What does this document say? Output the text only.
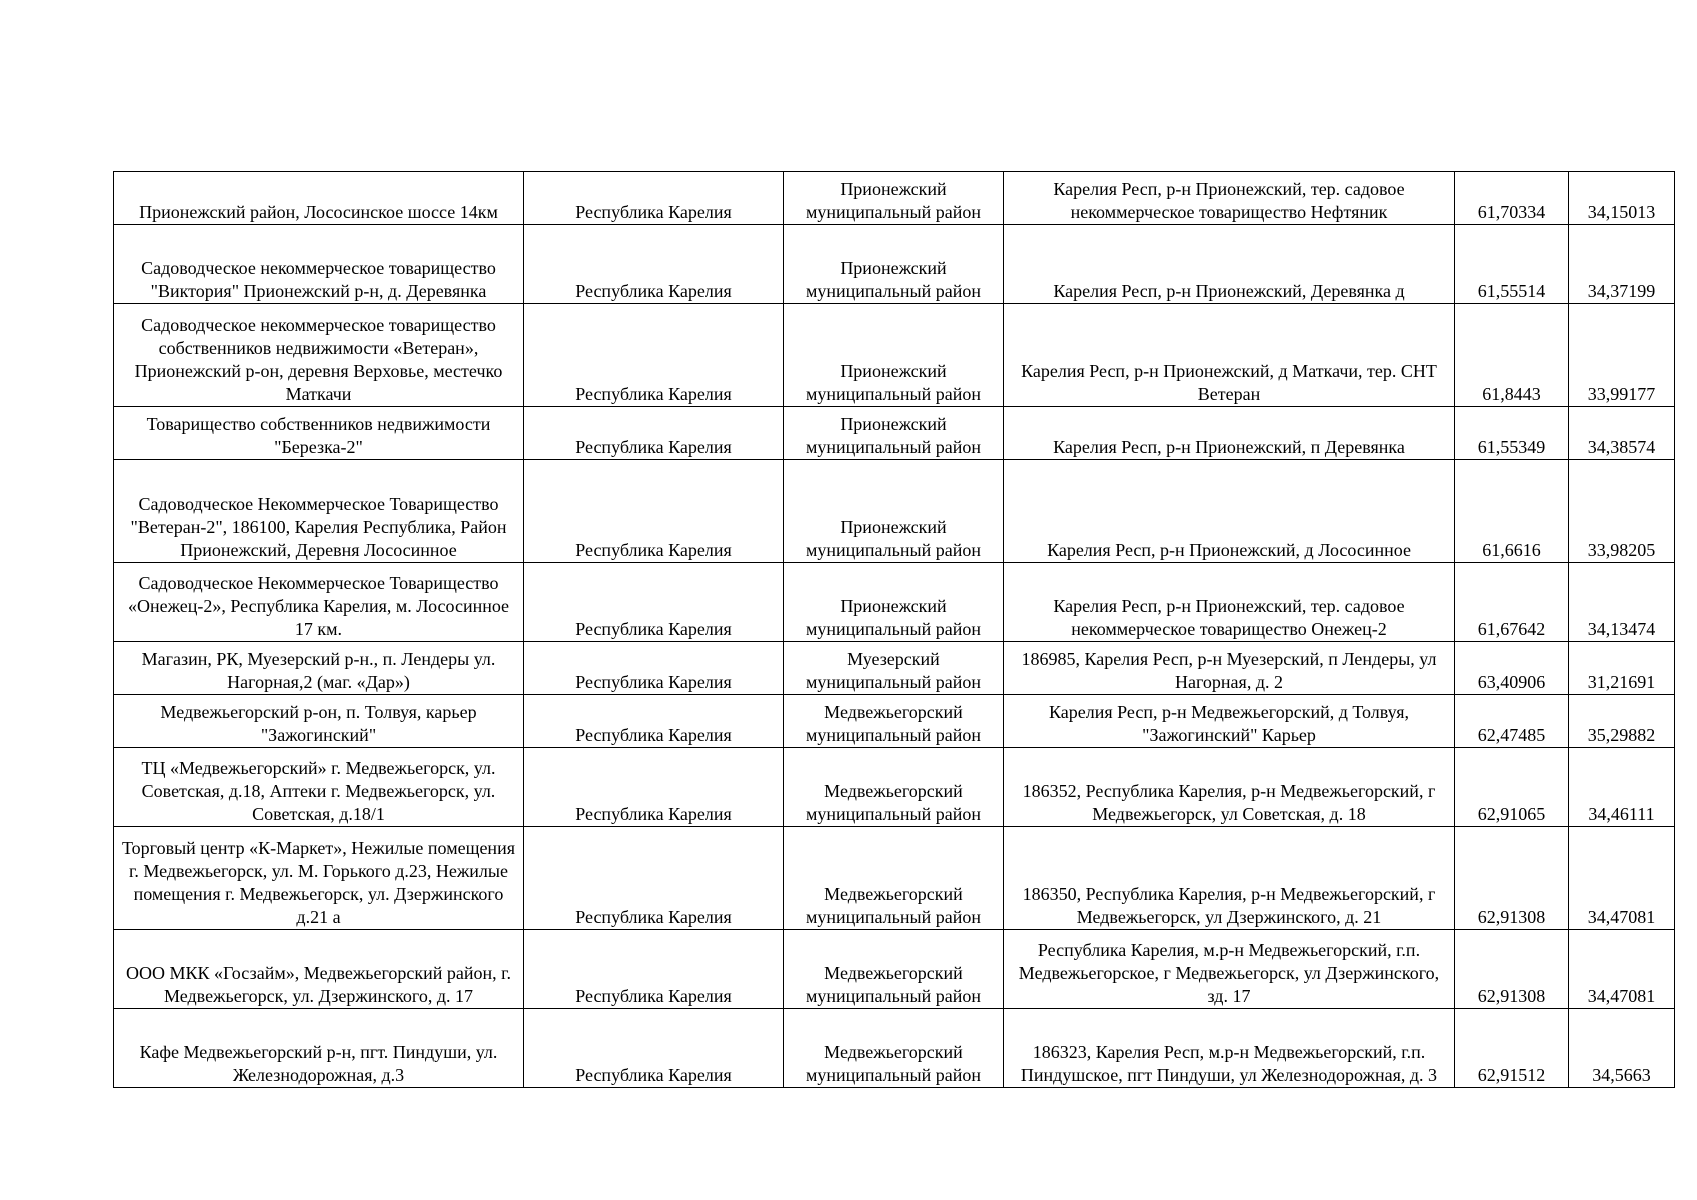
Прионежский район, Лососинское шоссе 14км	Республика Карелия	Прионежский муниципальный район	Карелия Респ, р-н Прионежский, тер. садовое некоммерческое товарищество Нефтяник	61,70334	34,15013
Садоводческое некоммерческое товарищество "Виктория" Прионежский р-н, д. Деревянка	Республика Карелия	Прионежский муниципальный район	Карелия Респ, р-н Прионежский, Деревянка д	61,55514	34,37199
Садоводческое некоммерческое товарищество собственников недвижимости «Ветеран», Прионежский р-он, деревня Верховье, местечко Маткачи	Республика Карелия	Прионежский муниципальный район	Карелия Респ, р-н Прионежский, д Маткачи, тер. СНТ Ветеран	61,8443	33,99177
Товарищество собственников недвижимости "Березка-2"	Республика Карелия	Прионежский муниципальный район	Карелия Респ, р-н Прионежский, п Деревянка	61,55349	34,38574
Садоводческое Некоммерческое Товарищество "Ветеран-2", 186100, Карелия Республика, Район Прионежский, Деревня Лососинное	Республика Карелия	Прионежский муниципальный район	Карелия Респ, р-н Прионежский, д Лососинное	61,6616	33,98205
Садоводческое Некоммерческое Товарищество «Онежец-2», Республика Карелия, м. Лососинное 17 км.	Республика Карелия	Прионежский муниципальный район	Карелия Респ, р-н Прионежский, тер. садовое некоммерческое товарищество Онежец-2	61,67642	34,13474
Магазин, РК, Муезерский р-н., п. Лендеры ул. Нагорная,2 (маг. «Дар»)	Республика Карелия	Муезерский муниципальный район	186985, Карелия Респ, р-н Муезерский, п Лендеры, ул Нагорная, д. 2	63,40906	31,21691
Медвежьегорский р-он, п. Толвуя, карьер "Зажогинский"	Республика Карелия	Медвежьегорский муниципальный район	Карелия Респ, р-н Медвежьегорский, д Толвуя, "Зажогинский" Карьер	62,47485	35,29882
ТЦ «Медвежьегорский» г. Медвежьегорск, ул. Советская, д.18, Аптеки г. Медвежьегорск, ул. Советская, д.18/1	Республика Карелия	Медвежьегорский муниципальный район	186352, Республика Карелия, р-н Медвежьегорский, г Медвежьегорск, ул Советская, д. 18	62,91065	34,46111
Торговый центр «К-Маркет», Нежилые помещения г. Медвежьегорск, ул. М. Горького д.23, Нежилые помещения г. Медвежьегорск, ул. Дзержинского д.21 а	Республика Карелия	Медвежьегорский муниципальный район	186350, Республика Карелия, р-н Медвежьегорский, г Медвежьегорск, ул Дзержинского, д. 21	62,91308	34,47081
ООО МКК «Госзайм», Медвежьегорский район, г. Медвежьегорск, ул. Дзержинского, д. 17	Республика Карелия	Медвежьегорский муниципальный район	Республика Карелия, м.р-н Медвежьегорский, г.п. Медвежьегорское, г Медвежьегорск, ул Дзержинского, зд. 17	62,91308	34,47081
Кафе Медвежьегорский р-н, пгт. Пиндуши, ул. Железнодорожная, д.3	Республика Карелия	Медвежьегорский муниципальный район	186323, Карелия Респ, м.р-н Медвежьегорский, г.п. Пиндушское, пгт Пиндуши, ул Железнодорожная, д. 3	62,91512	34,5663
